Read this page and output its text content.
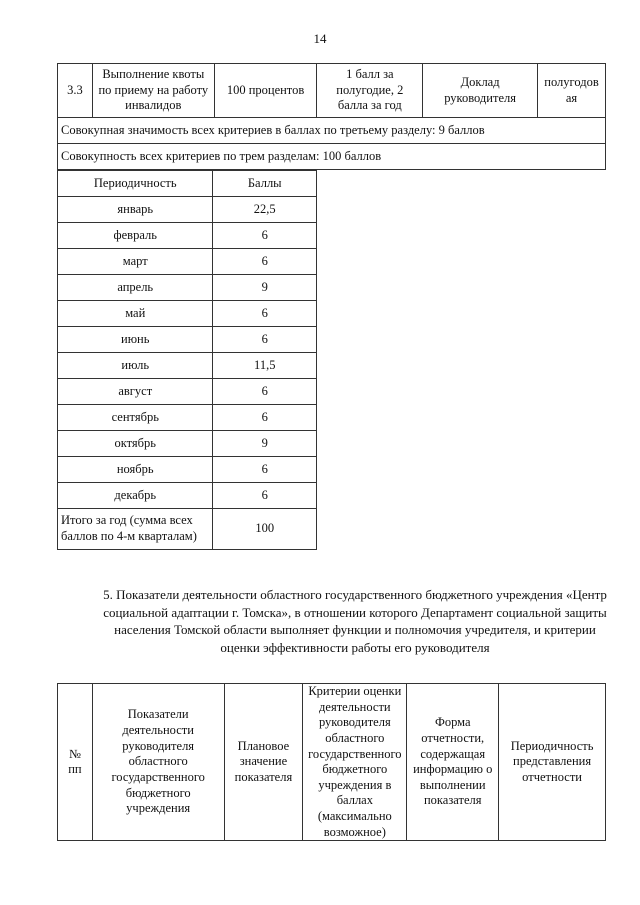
14
3.3	Выполнение квоты по приему на работу инвалидов	100 процентов	1 балл за полугодие, 2 балла за год	Доклад руководителя	полугодов ая
Совокупная значимость всех критериев в баллах по третьему разделу: 9 баллов
Совокупность всех критериев по трем разделам: 100 баллов
Периодичность	Баллы
январь	22,5
февраль	6
март	6
апрель	9
май	6
июнь	6
июль	11,5
август	6
сентябрь	6
октябрь	9
ноябрь	6
декабрь	6
Итого за год (сумма всех баллов по 4-м кварталам)	100
5. Показатели деятельности областного государственного бюджетного учреждения «Центр социальной адаптации г. Томска», в отношении которого Департамент социальной защиты населения Томской области выполняет функции и полномочия учредителя, и критерии оценки эффективности работы его руководителя
№ пп	Показатели деятельности руководителя областного государственного бюджетного учреждения	Плановое значение показателя	Критерии оценки деятельности руководителя областного государственного бюджетного учреждения в баллах (максимально возможное)	Форма отчетности, содержащая информацию о выполнении показателя	Периодичность представления отчетности
